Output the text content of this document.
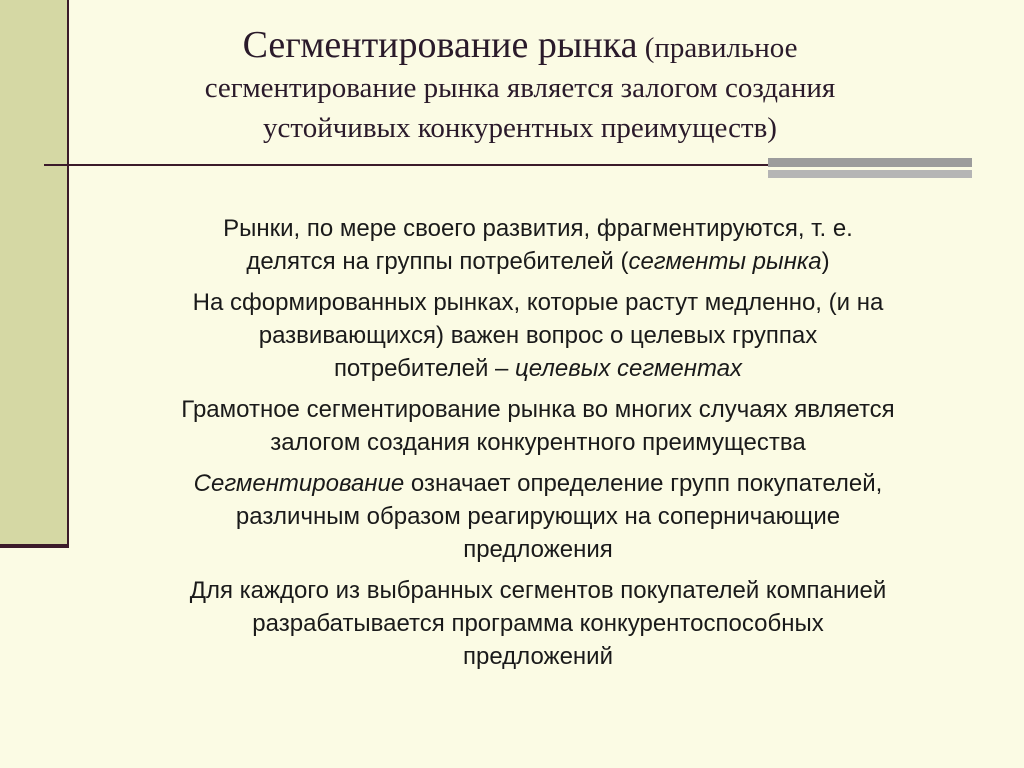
Сегментирование рынка (правильное
сегментирование рынка является залогом создания
устойчивых конкурентных преимуществ)
Рынки, по мере своего развития, фрагментируются, т. е.
делятся на группы потребителей (сегменты рынка)
На сформированных рынках, которые растут медленно, (и на
развивающихся) важен вопрос о целевых группах
потребителей – целевых сегментах
Грамотное сегментирование рынка во многих случаях является
залогом создания конкурентного преимущества
Сегментирование означает определение групп покупателей,
различным образом реагирующих на соперничающие
предложения
Для каждого из выбранных сегментов покупателей компанией
разрабатывается программа конкурентоспособных
предложений
